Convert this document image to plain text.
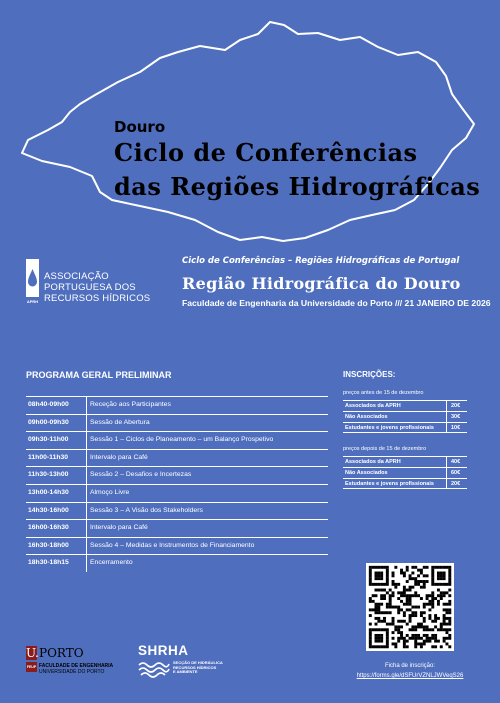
Douro
Ciclo de Conferências
das Regiões Hidrográficas
ASSOCIAÇÃO
PORTUGUESA DOS
RECURSOS HÍDRICOS
APRH
Ciclo de Conferências – Regiões Hidrográficas de Portugal
Região Hidrográfica do Douro
Faculdade de Engenharia da Universidade do Porto /// 21 JANEIRO DE 2026
PROGRAMA GERAL PRELIMINAR
08h40-09h00	Receção aos Participantes
09h00-09h30	Sessão de Abertura
09h30-11h00	Sessão 1 – Ciclos de Planeamento – um Balanço Prospetivo
11h00-11h30	Intervalo para Café
11h30-13h00	Sessão 2 – Desafios e Incertezas
13h00-14h30	Almoço Livre
14h30-16h00	Sessão 3 – A Visão dos Stakeholders
16h00-16h30	Intervalo para Café
16h30-18h00	Sessão 4 – Medidas e Instrumentos de Financiamento
18h30-18h15	Encerramento
INSCRIÇÕES:
preços antes de 15 de dezembro
Associados da APRH	20€
Não Associados	30€
Estudantes e jovens profissionais	10€
preços depois de 15 de dezembro
Associados da APRH	40€
Não Associados	60€
Estudantes e jovens profissionais	20€
Ficha de inscrição:
https://forms.gle/dSFUrVZNLJWVeqS26
U. PORTO
FEUP FACULDADE DE ENGENHARIA
UNIVERSIDADE DO PORTO
SHRHA
SECÇÃO DE HIDRÁULICA
RECURSOS HÍDRICOS
E AMBIENTE
